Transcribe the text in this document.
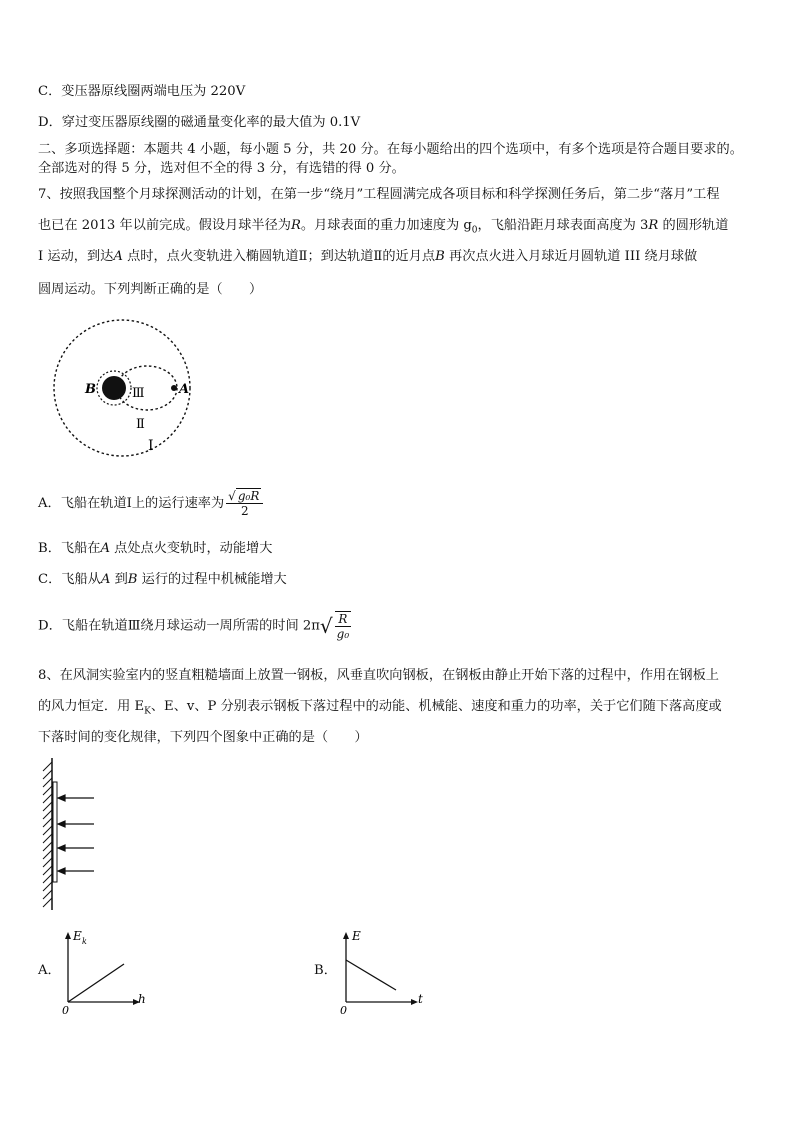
C．变压器原线圈两端电压为 220V
D．穿过变压器原线圈的磁通量变化率的最大值为 0.1V
二、多项选择题：本题共 4 小题，每小题 5 分，共 20 分。在每小题给出的四个选项中，有多个选项是符合题目要求的。
全部选对的得 5 分，选对但不全的得 3 分，有选错的得 0 分。
7、按照我国整个月球探测活动的计划，在第一步“绕月”工程圆满完成各项目标和科学探测任务后，第二步“落月”工程
也已在 2013 年以前完成。假设月球半径为R。月球表面的重力加速度为 $g_0$，飞船沿距月球表面高度为 3R 的圆形轨道
I 运动，到达A 点时，点火变轨进入椭圆轨道Ⅱ；到达轨道Ⅱ的近月点B 再次点火进入月球近月圆轨道 III 绕月球做
圆周运动。下列判断正确的是（　　）
B	A
Ⅲ
Ⅱ
Ⅰ
A．飞船在轨道Ⅰ上的运行速率为 $\frac{\text{√ g₀R}}{2}$
B．飞船在A 点处点火变轨时，动能增大
C．飞船从A 到B 运行的过程中机械能增大
D．飞船在轨道Ⅲ绕月球运动一周所需的时间 $2\pi√ \frac{R}{\text{g₀}}$
8、在风洞实验室内的竖直粗糙墙面上放置一钢板，风垂直吹向钢板，在钢板由静止开始下落的过程中，作用在钢板上
的风力恒定．用 $E_K$、E、v、P 分别表示钢板下落过程中的动能、机械能、速度和重力的功率，关于它们随下落高度或
下落时间的变化规律，下列四个图象中正确的是（　　）
A．
E k
h
0
B．
E
t
0
